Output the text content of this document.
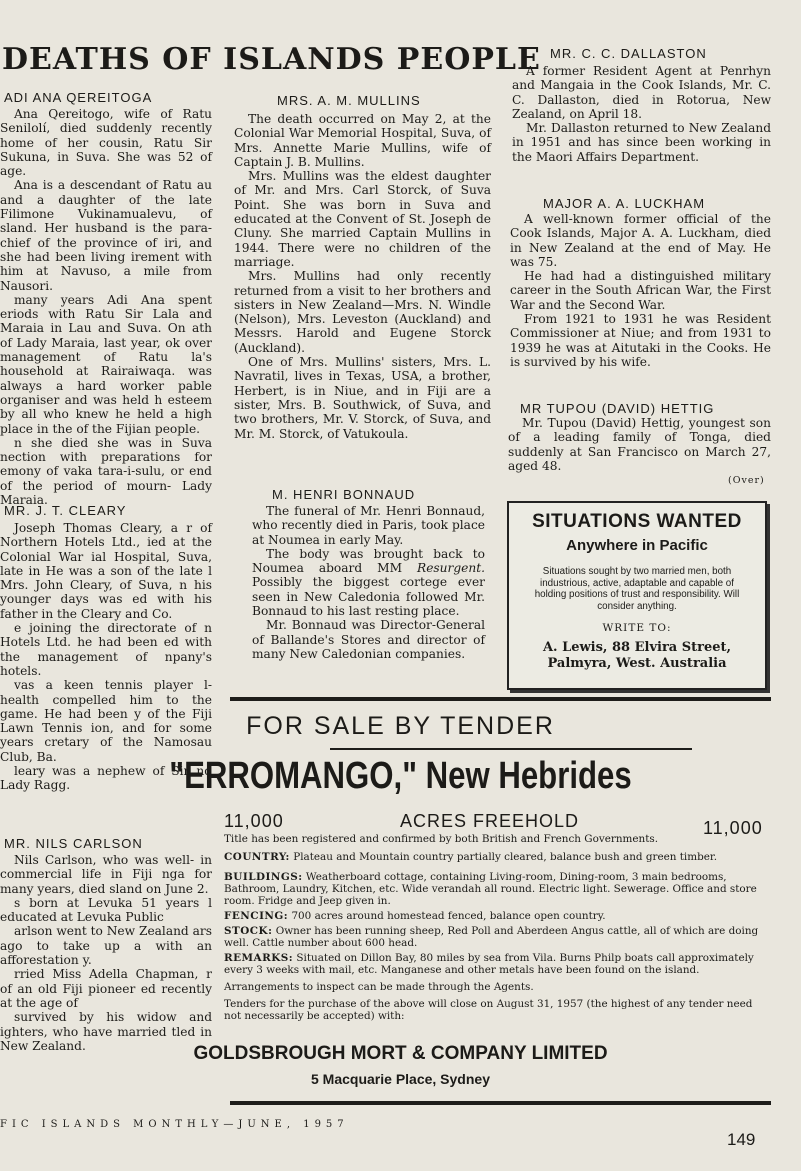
DEATHS OF ISLANDS PEOPLE
ADI ANA QEREITOGA

Ana Qereitogo, wife of Ratu Senilolí, died suddenly recently home of her cousin, Ratu Sir Sukuna, in Suva. She was 52 of age.

Ana is a descendant of Ratu au and a daughter of the late Filimone Vukinamualevu, of sland. Her husband is the para- chief of the province of iri, and she had been living irement with him at Navuso, a mile from Nausori.

many years Adi Ana spent eriods with Ratu Sir Lala and Maraia in Lau and Suva. On ath of Lady Maraia, last year, ok over management of Ratu la's household at Rairaiwaqa. was always a hard worker pable organiser and was held h esteem by all who knew he held a high place in the of the Fijian people.

n she died she was in Suva nection with preparations for emony of vaka tara-i-sulu, or end of the period of mourn- Lady Maraia.

MR. J. T. CLEARY

Joseph Thomas Cleary, a r of Northern Hotels Ltd., ied at the Colonial War ial Hospital, Suva, late in He was a son of the late l Mrs. John Cleary, of Suva, n his younger days was ed with his father in the Cleary and Co.

e joining the directorate of n Hotels Ltd. he had been ed with the management of npany's hotels.

vas a keen tennis player l-health compelled him to the game. He had been y of the Fiji Lawn Tennis ion, and for some years cretary of the Namosau Club, Ba.

leary was a nephew of Sir nd Lady Ragg.

MR. NILS CARLSON

Nils Carlson, who was well- in commercial life in Fiji nga for many years, died sland on June 2.

s born at Levuka 51 years l educated at Levuka Public

arlson went to New Zealand ars ago to take up a with an afforestation y.

rried Miss Adella Chapman, r of an old Fiji pioneer ed recently at the age of

survived by his widow and ighters, who have married tled in New Zealand.

MRS. A. M. MULLINS

The death occurred on May 2, at the Colonial War Memorial Hospital, Suva, of Mrs. Annette Marie Mullins, wife of Captain J. B. Mullins.

Mrs. Mullins was the eldest daughter of Mr. and Mrs. Carl Storck, of Suva Point. She was born in Suva and educated at the Convent of St. Joseph de Cluny. She married Captain Mullins in 1944. There were no children of the marriage.

Mrs. Mullins had only recently returned from a visit to her brothers and sisters in New Zealand—Mrs. N. Windle (Nelson), Mrs. Leveston (Auckland) and Messrs. Harold and Eugene Storck (Auckland).

One of Mrs. Mullins' sisters, Mrs. L. Navratil, lives in Texas, USA, a brother, Herbert, is in Niue, and in Fiji are a sister, Mrs. B. Southwick, of Suva, and two brothers, Mr. V. Storck, of Suva, and Mr. M. Storck, of Vatukoula.

M. HENRI BONNAUD

The funeral of Mr. Henri Bonnaud, who recently died in Paris, took place at Noumea in early May.

The body was brought back to Noumea aboard MM Resurgent. Possibly the biggest cortege ever seen in New Caledonia followed Mr. Bonnaud to his last resting place.

Mr. Bonnaud was Director-General of Ballande's Stores and director of many New Caledonian companies.

MR. C. C. DALLASTON

A former Resident Agent at Penrhyn and Mangaia in the Cook Islands, Mr. C. C. Dallaston, died in Rotorua, New Zealand, on April 18.

Mr. Dallaston returned to New Zealand in 1951 and has since been working in the Maori Affairs Department.

MAJOR A. A. LUCKHAM

A well-known former official of the Cook Islands, Major A. A. Luckham, died in New Zealand at the end of May. He was 75.

He had had a distinguished military career in the South African War, the First War and the Second War.

From 1921 to 1931 he was Resident Commissioner at Niue; and from 1931 to 1939 he was at Aitutaki in the Cooks. He is survived by his wife.

MR TUPOU (DAVID) HETTIG

Mr. Tupou (David) Hettig, youngest son of a leading family of Tonga, died suddenly at San Francisco on March 27, aged 48.

(Over)
SITUATIONS WANTED
Anywhere in Pacific
Situations sought by two married men, both industrious, active, adaptable and capable of holding positions of trust and responsibility. Will consider anything.
WRITE TO:
A. Lewis, 88 Elvira Street,
Palmyra, West. Australia
FOR SALE BY TENDER
"ERROMANGO," New Hebrides
11,000	ACRES FREEHOLD	11,000
Title has been registered and confirmed by both British and French Governments.
COUNTRY: Plateau and Mountain country partially cleared, balance bush and green timber.
BUILDINGS: Weatherboard cottage, containing Living-room, Dining-room, 3 main bedrooms, Bathroom, Laundry, Kitchen, etc. Wide verandah all round. Electric light. Sewerage. Office and store room. Fridge and Jeep given in.
FENCING: 700 acres around homestead fenced, balance open country.
STOCK: Owner has been running sheep, Red Poll and Aberdeen Angus cattle, all of which are doing well. Cattle number about 600 head.
REMARKS: Situated on Dillon Bay, 80 miles by sea from Vila. Burns Philp boats call approximately every 3 weeks with mail, etc. Manganese and other metals have been found on the island.
Arrangements to inspect can be made through the Agents.
Tenders for the purchase of the above will close on August 31, 1957 (the highest of any tender need not necessarily be accepted) with:
GOLDSBROUGH MORT & COMPANY LIMITED
5 Macquarie Place, Sydney
FIC ISLANDS MONTHLY—JUNE, 1957
149
